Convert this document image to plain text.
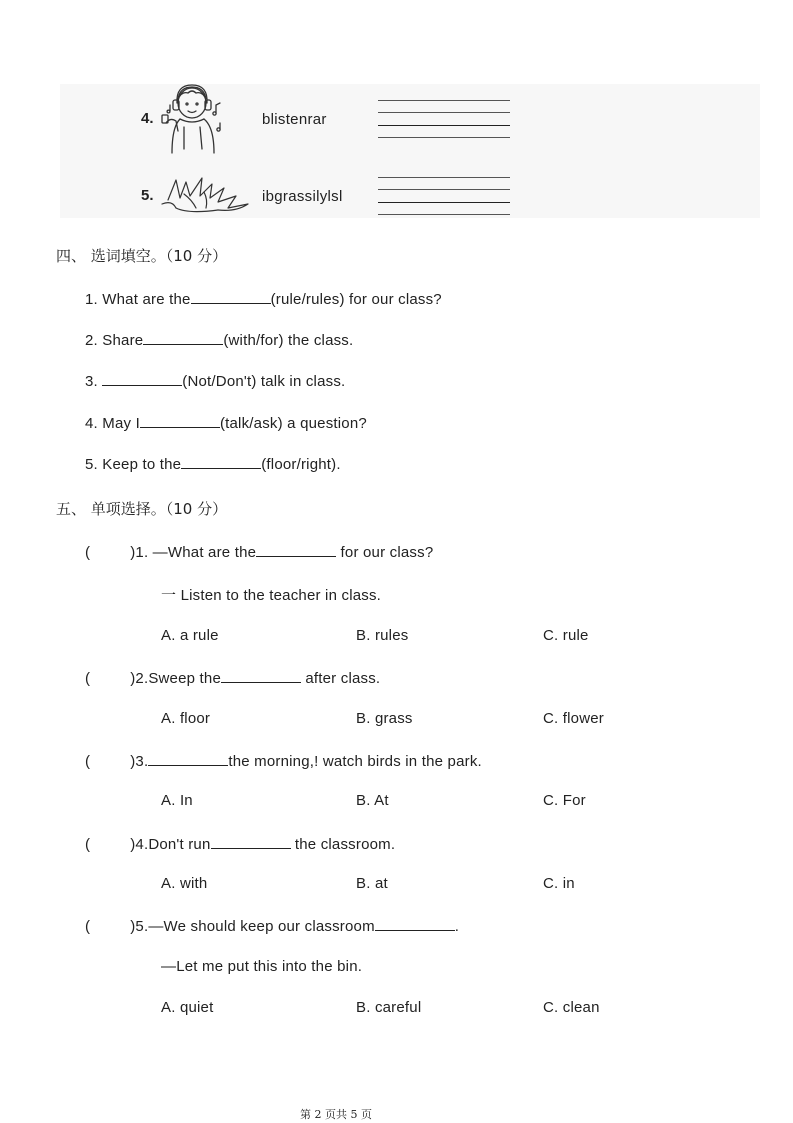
4.	blistenrar
5.	ibgrassilylsl
四、 选词填空。（10 分）
1. What are the	(rule/rules) for our class?
2. Share	(with/for) the class.
3.	(Not/Don't) talk in class.
4. May I	(talk/ask) a question?
5. Keep to the	(floor/right).
五、 单项选择。（10 分）
(	)1. —What are the	for our class?
一 Listen to the teacher in class.
A. a rule	B. rules	C. rule
(	)2.Sweep the	after class.
A. floor	B. grass	C. flower
(	)3.	the morning,! watch birds in the park.
A. In	B. At	C. For
(	)4.Don't run	the classroom.
A. with	B. at	C. in
(	)5.—We should keep our classroom	.
—Let me put this into the bin.
A. quiet	B. careful	C. clean
第 2 页共 5 页
